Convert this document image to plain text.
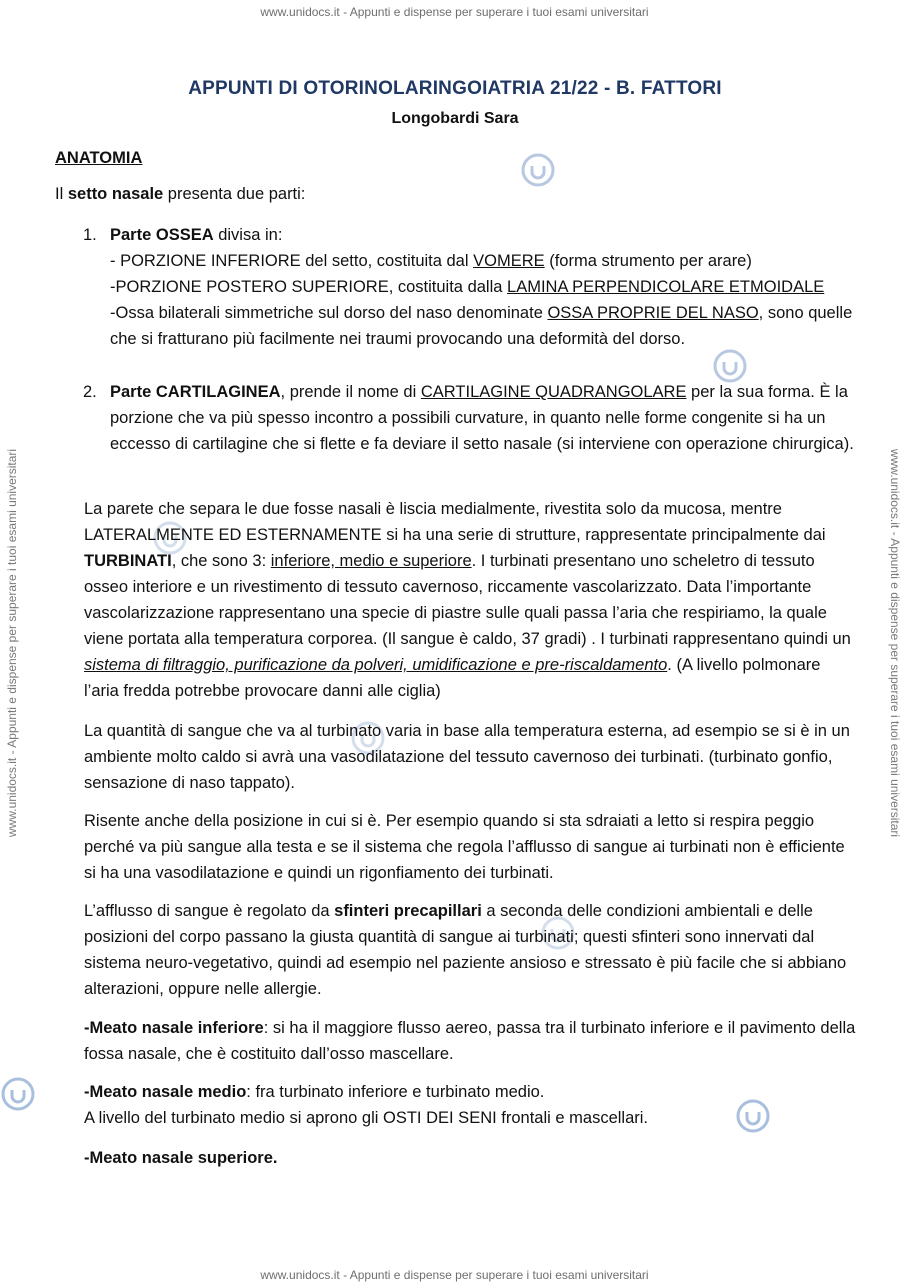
www.unidocs.it - Appunti e dispense per superare i tuoi esami universitari
www.unidocs.it - Appunti e dispense per superare i tuoi esami universitari
www.unidocs.it - Appunti e dispense per superare i tuoi esami universitari	www.unidocs.it - Appunti e dispense per superare i tuoi esami universitari
APPUNTI DI OTORINOLARINGOIATRIA 21/22 - B. FATTORI
Longobardi Sara
ANATOMIA
Il setto nasale presenta due parti:
1. Parte OSSEA divisa in:
- PORZIONE INFERIORE del setto, costituita dal VOMERE (forma strumento per arare)
-PORZIONE POSTERO SUPERIORE, costituita dalla LAMINA PERPENDICOLARE ETMOIDALE
-Ossa bilaterali simmetriche sul dorso del naso denominate OSSA PROPRIE DEL NASO, sono quelle che si fratturano più facilmente nei traumi provocando una deformità del dorso.
2. Parte CARTILAGINEA, prende il nome di CARTILAGINE QUADRANGOLARE per la sua forma. È la porzione che va più spesso incontro a possibili curvature, in quanto nelle forme congenite si ha un eccesso di cartilagine che si flette e fa deviare il setto nasale (si interviene con operazione chirurgica).

La parete che separa le due fosse nasali è liscia medialmente, rivestita solo da mucosa, mentre LATERALMENTE ED ESTERNAMENTE si ha una serie di strutture, rappresentate principalmente dai TURBINATI, che sono 3: inferiore, medio e superiore. I turbinati presentano uno scheletro di tessuto osseo interiore e un rivestimento di tessuto cavernoso, riccamente vascolarizzato. Data l’importante vascolarizzazione rappresentano una specie di piastre sulle quali passa l’aria che respiriamo, la quale viene portata alla temperatura corporea. (Il sangue è caldo, 37 gradi) . I turbinati rappresentano quindi un sistema di filtraggio, purificazione da polveri, umidificazione e pre-riscaldamento. (A livello polmonare l’aria fredda potrebbe provocare danni alle ciglia)

La quantità di sangue che va al turbinato varia in base alla temperatura esterna, ad esempio se si è in un ambiente molto caldo si avrà una vasodilatazione del tessuto cavernoso dei turbinati. (turbinato gonfio, sensazione di naso tappato).

Risente anche della posizione in cui si è. Per esempio quando si sta sdraiati a letto si respira peggio perché va più sangue alla testa e se il sistema che regola l’afflusso di sangue ai turbinati non è efficiente si ha una vasodilatazione e quindi un rigonfiamento dei turbinati.

L’afflusso di sangue è regolato da sfinteri precapillari a seconda delle condizioni ambientali e delle posizioni del corpo passano la giusta quantità di sangue ai turbinati; questi sfinteri sono innervati dal sistema neuro-vegetativo, quindi ad esempio nel paziente ansioso e stressato è più facile che si abbiano alterazioni, oppure nelle allergie.

-Meato nasale inferiore: si ha il maggiore flusso aereo, passa tra il turbinato inferiore e il pavimento della fossa nasale, che è costituito dall’osso mascellare.

-Meato nasale medio: fra turbinato inferiore e turbinato medio.

A livello del turbinato medio si aprono gli OSTI DEI SENI frontali e mascellari.

-Meato nasale superiore.
